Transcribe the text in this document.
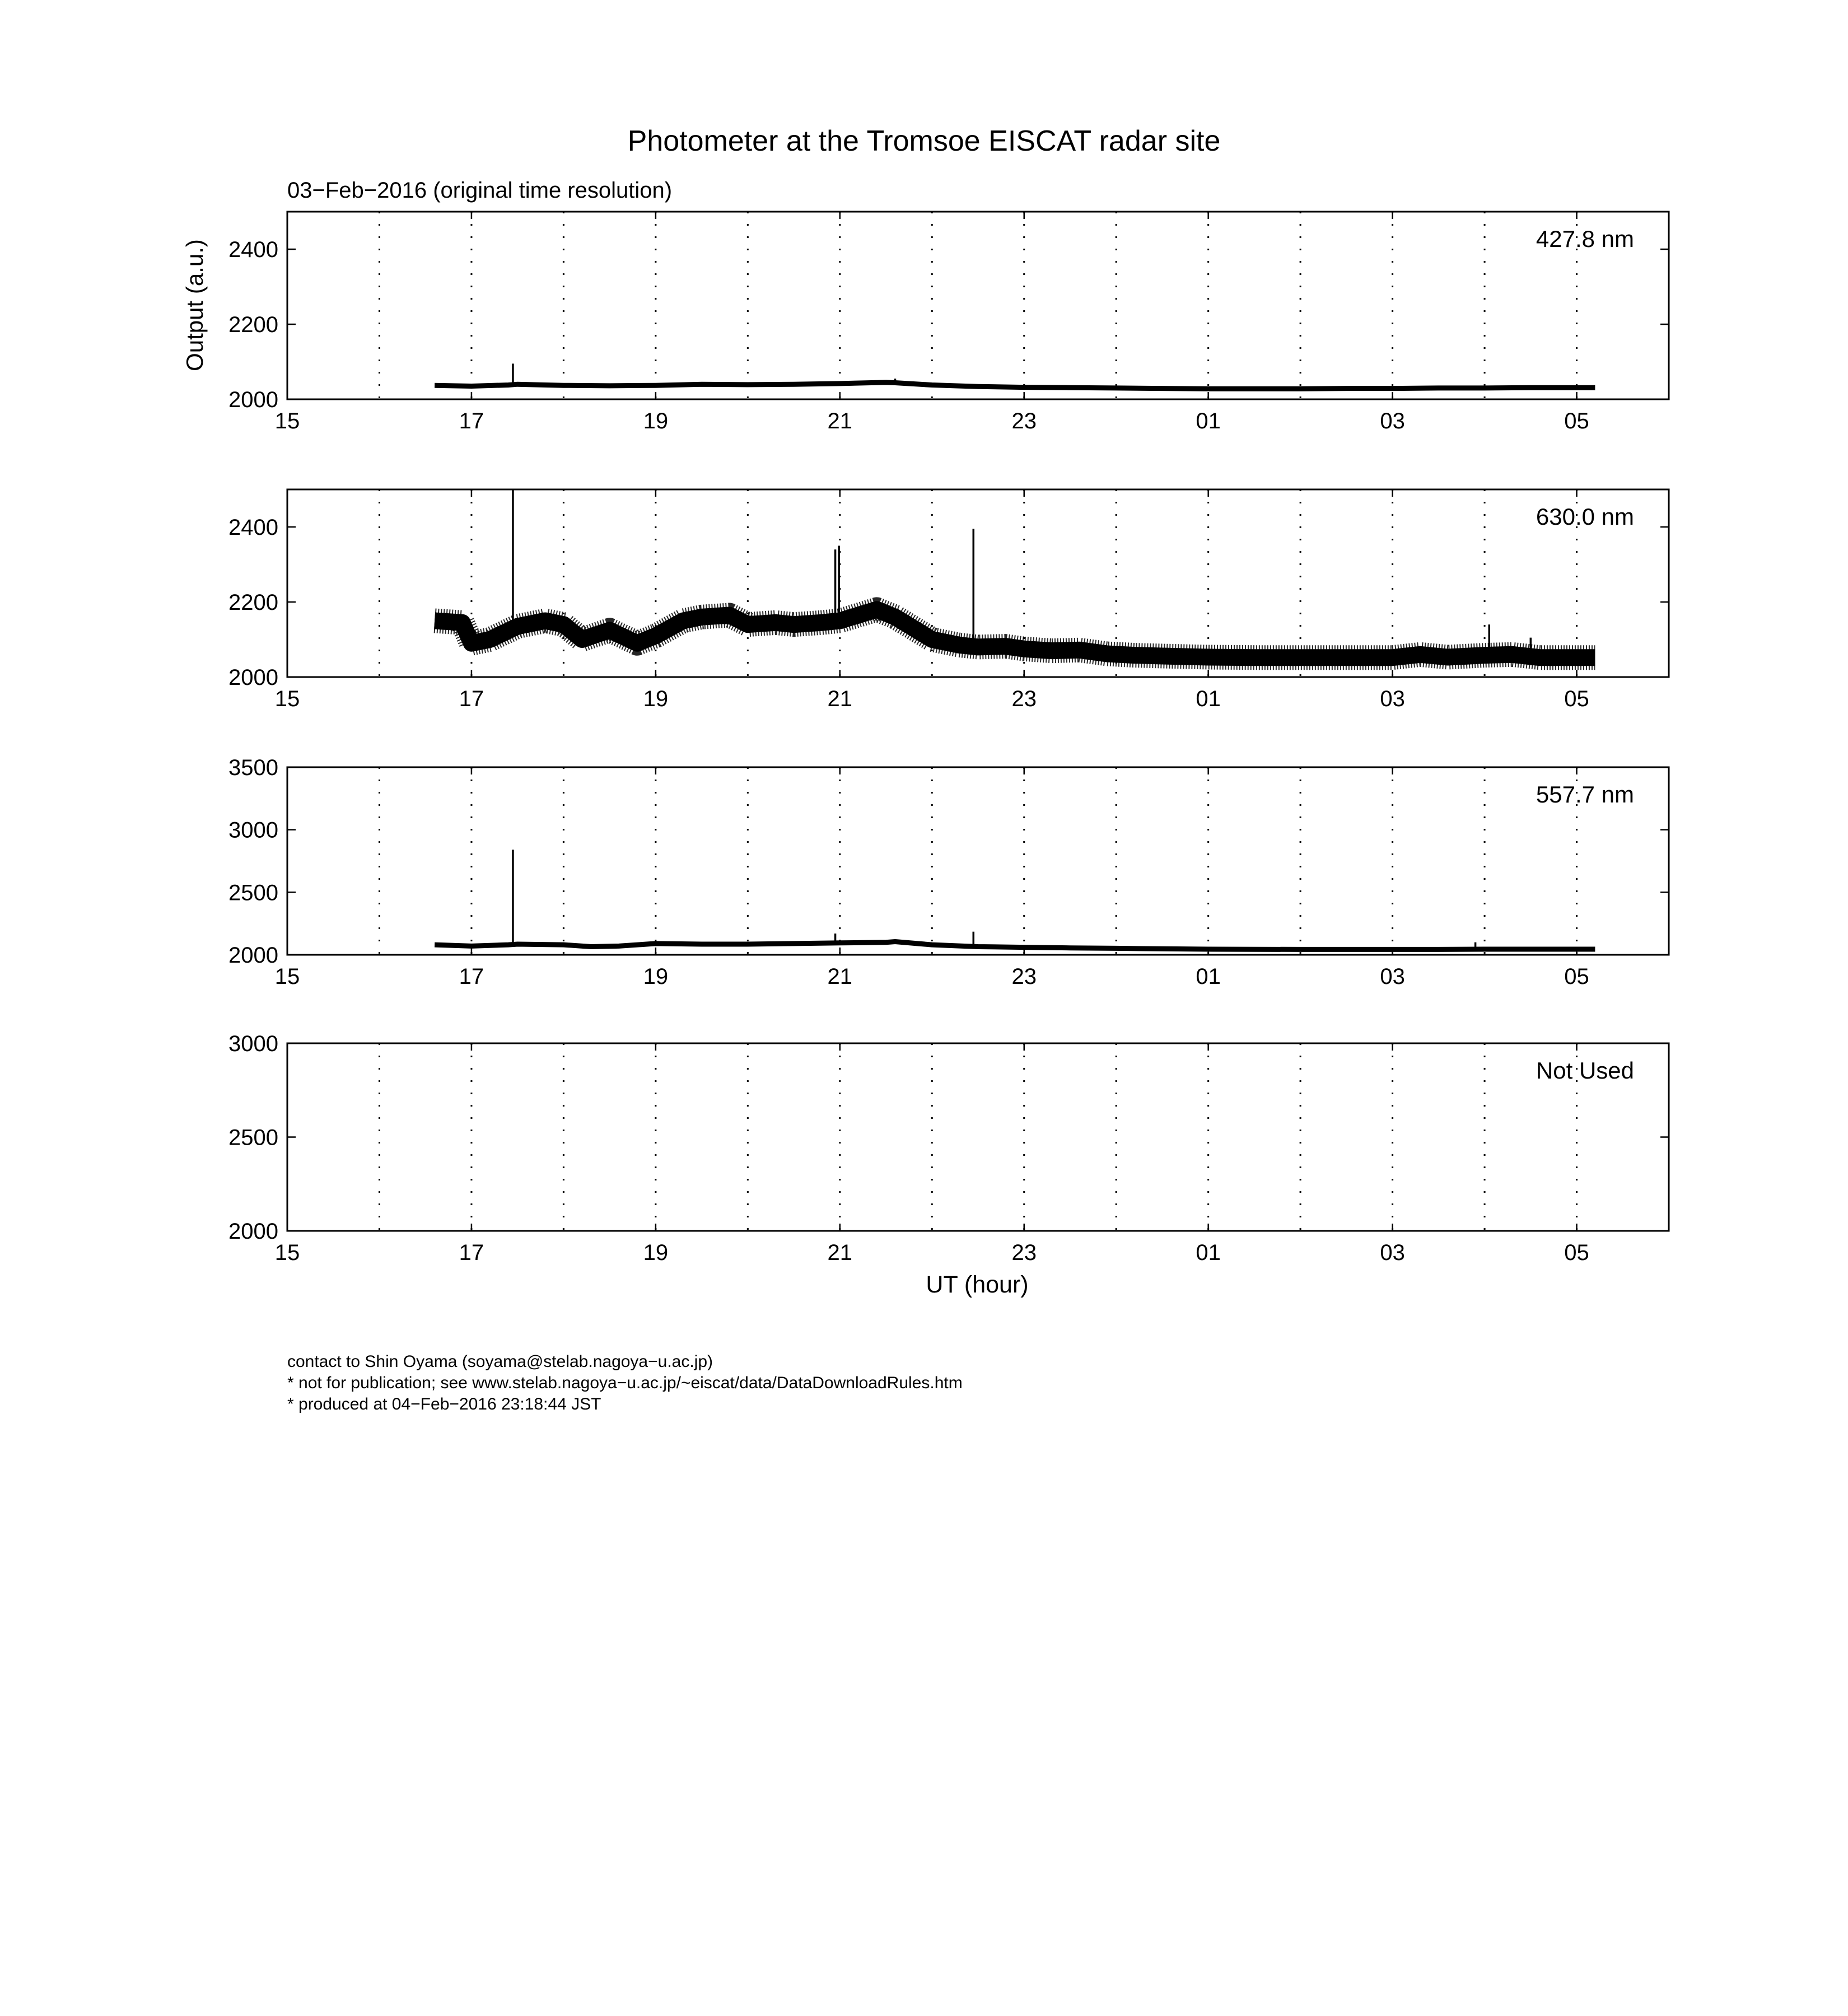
15	17	19	21	23	01	03	05
2000
2200
2400	427.8 nm
15	17	19	21	23	01	03	05
2000
2200
2400	630.0 nm
15	17	19	21	23	01	03	05
2000
2500
3000
3500
557.7 nm
15	17	19	21	23	01	03	05
2000
2500
3000
Not Used
Output (a.u.)
Photometer at the Tromsoe EISCAT radar site
03−Feb−2016 (original time resolution)
UT (hour)
contact to Shin Oyama (soyama@stelab.nagoya−u.ac.jp)
* not for publication; see www.stelab.nagoya−u.ac.jp/~eiscat/data/DataDownloadRules.htm
* produced at 04−Feb−2016 23:18:44 JST
